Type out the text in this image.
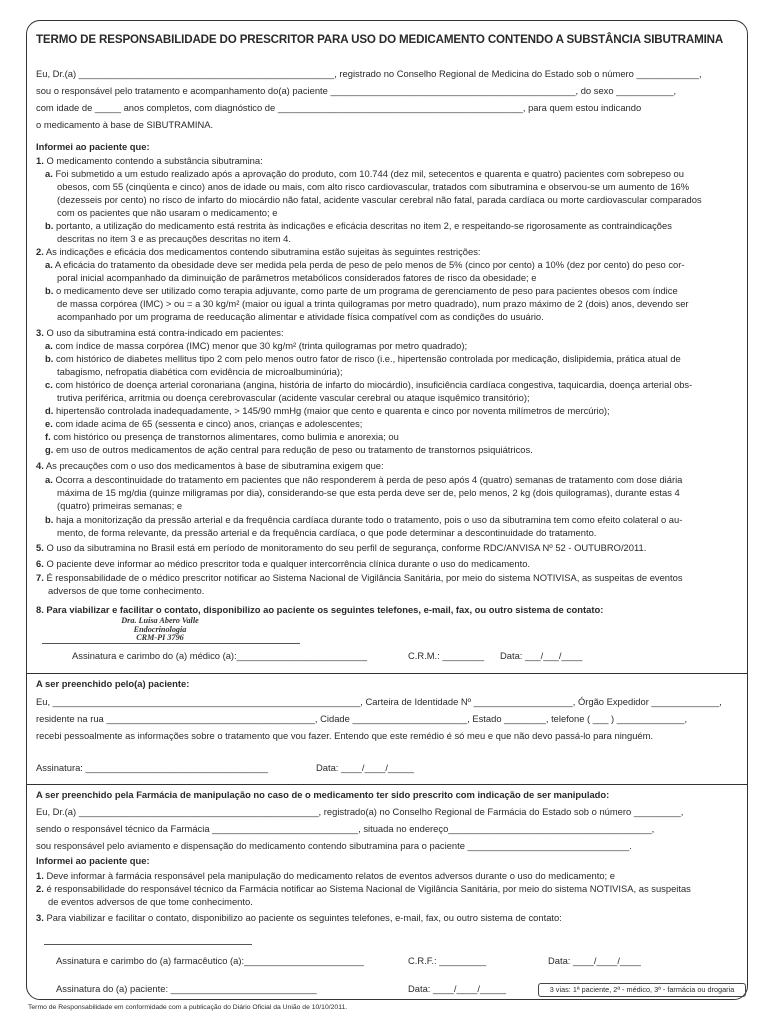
TERMO DE RESPONSABILIDADE DO PRESCRITOR PARA USO DO MEDICAMENTO CONTENDO A SUBSTÂNCIA SIBUTRAMINA
Eu, Dr.(a) _________________________________________________, registrado no Conselho Regional de Medicina do Estado sob o número ____________,
sou o responsável pelo tratamento e acompanhamento do(a) paciente _______________________________________________, do sexo ___________,
com idade de _____ anos completos, com diagnóstico de _______________________________________________, para quem estou indicando
o medicamento à base de SIBUTRAMINA.
Informei ao paciente que:
1. O medicamento contendo a substância sibutramina:
a. Foi submetido a um estudo realizado após a aprovação do produto, com 10.744 (dez mil, setecentos e quarenta e quatro) pacientes com sobrepeso ou
obesos, com 55 (cinqüenta e cinco) anos de idade ou mais, com alto risco cardiovascular, tratados com sibutramina e observou-se um aumento de 16%
(dezesseis por cento) no risco de infarto do miocárdio não fatal, acidente vascular cerebral não fatal, parada cardíaca ou morte cardiovascular comparados
com os pacientes que não usaram o medicamento; e
b. portanto, a utilização do medicamento está restrita às indicações e eficácia descritas no item 2, e respeitando-se rigorosamente as contraindicações
descritas no item 3 e as precauções descritas no item 4.
2. As indicações e eficácia dos medicamentos contendo sibutramina estão sujeitas às seguintes restrições:
a. A eficácia do tratamento da obesidade deve ser medida pela perda de peso de pelo menos de 5% (cinco por cento) a 10% (dez por cento) do peso cor-
poral inicial acompanhado da diminuição de parâmetros metabólicos considerados fatores de risco da obesidade; e
b. o medicamento deve ser utilizado como terapia adjuvante, como parte de um programa de gerenciamento de peso para pacientes obesos com índice
de massa corpórea (IMC) > ou = a 30 kg/m² (maior ou igual a trinta quilogramas por metro quadrado), num prazo máximo de 2 (dois) anos, devendo ser
acompanhado por um programa de reeducação alimentar e atividade física compatível com as condições do usuário.
3. O uso da sibutramina está contra-indicado em pacientes:
a. com índice de massa corpórea (IMC) menor que 30 kg/m² (trinta quilogramas por metro quadrado);
b. com histórico de diabetes mellitus tipo 2 com pelo menos outro fator de risco (i.e., hipertensão controlada por medicação, dislipidemia, prática atual de
tabagismo, nefropatia diabética com evidência de microalbuminúria);
c. com histórico de doença arterial coronariana (angina, história de infarto do miocárdio), insuficiência cardíaca congestiva, taquicardia, doença arterial obs-
trutiva periférica, arritmia ou doença cerebrovascular (acidente vascular cerebral ou ataque isquêmico transitório);
d. hipertensão controlada inadequadamente, > 145/90 mmHg (maior que cento e quarenta e cinco por noventa milímetros de mercúrio);
e. com idade acima de 65 (sessenta e cinco) anos, crianças e adolescentes;
f. com histórico ou presença de transtornos alimentares, como bulimia e anorexia; ou
g. em uso de outros medicamentos de ação central para redução de peso ou tratamento de transtornos psiquiátricos.
4. As precauções com o uso dos medicamentos à base de sibutramina exigem que:
a. Ocorra a descontinuidade do tratamento em pacientes que não responderem à perda de peso após 4 (quatro) semanas de tratamento com dose diária
máxima de 15 mg/dia (quinze miligramas por dia), considerando-se que esta perda deve ser de, pelo menos, 2 kg (dois quilogramas), durante estas 4
(quatro) primeiras semanas; e
b. haja a monitorização da pressão arterial e da frequência cardíaca durante todo o tratamento, pois o uso da sibutramina tem como efeito colateral o au-
mento, de forma relevante, da pressão arterial e da frequência cardíaca, o que pode determinar a descontinuidade do tratamento.
5. O uso da sibutramina no Brasil está em período de monitoramento do seu perfil de segurança, conforme RDC/ANVISA Nº 52 - OUTUBRO/2011.
6. O paciente deve informar ao médico prescritor toda e qualquer intercorrência clínica durante o uso do medicamento.
7. É responsabilidade de o médico prescritor notificar ao Sistema Nacional de Vigilância Sanitária, por meio do sistema NOTIVISA, as suspeitas de eventos
adversos de que tome conhecimento.
8. Para viabilizar e facilitar o contato, disponibilizo ao paciente os seguintes telefones, e-mail, fax, ou outro sistema de contato:
Dra. Luísa Abero Valle
Endocrinologia
CRM-PI 3796
Assinatura e carimbo do (a) médico (a):_________________________	C.R.M.: ________ Data: ___/___/____
A ser preenchido pelo(a) paciente:
Eu, ___________________________________________________________, Carteira de Identidade Nº ___________________, Órgão Expedidor _____________,
residente na rua ________________________________________, Cidade ______________________, Estado ________, telefone ( ___ ) _____________,
recebi pessoalmente as informações sobre o tratamento que vou fazer. Entendo que este remédio é só meu e que não devo passá-lo para ninguém.
Assinatura: ___________________________________	Data: ____/____/_____
A ser preenchido pela Farmácia de manipulação no caso de o medicamento ter sido prescrito com indicação de ser manipulado:
Eu, Dr.(a) ______________________________________________, registrado(a) no Conselho Regional de Farmácia do Estado sob o número _________,
sendo o responsável técnico da Farmácia ____________________________, situada no endereço_______________________________________,
sou responsável pelo aviamento e dispensação do medicamento contendo sibutramina para o paciente _______________________________.
Informei ao paciente que:
1. Deve informar à farmácia responsável pela manipulação do medicamento relatos de eventos adversos durante o uso do medicamento; e
2. é responsabilidade do responsável técnico da Farmácia notificar ao Sistema Nacional de Vigilância Sanitária, por meio do sistema NOTIVISA, as suspeitas
de eventos adversos de que tome conhecimento.
3. Para viabilizar e facilitar o contato, disponibilizo ao paciente os seguintes telefones, e-mail, fax, ou outro sistema de contato:
Assinatura e carimbo do (a) farmacêutico (a):_______________________	C.R.F.: _________	Data: ____/____/____
Assinatura do (a) paciente: ____________________________	Data: ____/____/_____	3 vias: 1ª paciente, 2ª - médico, 3ª - farmácia ou drogaria
Termo de Responsabilidade em conformidade com a publicação do Diário Oficial da União de 10/10/2011.
